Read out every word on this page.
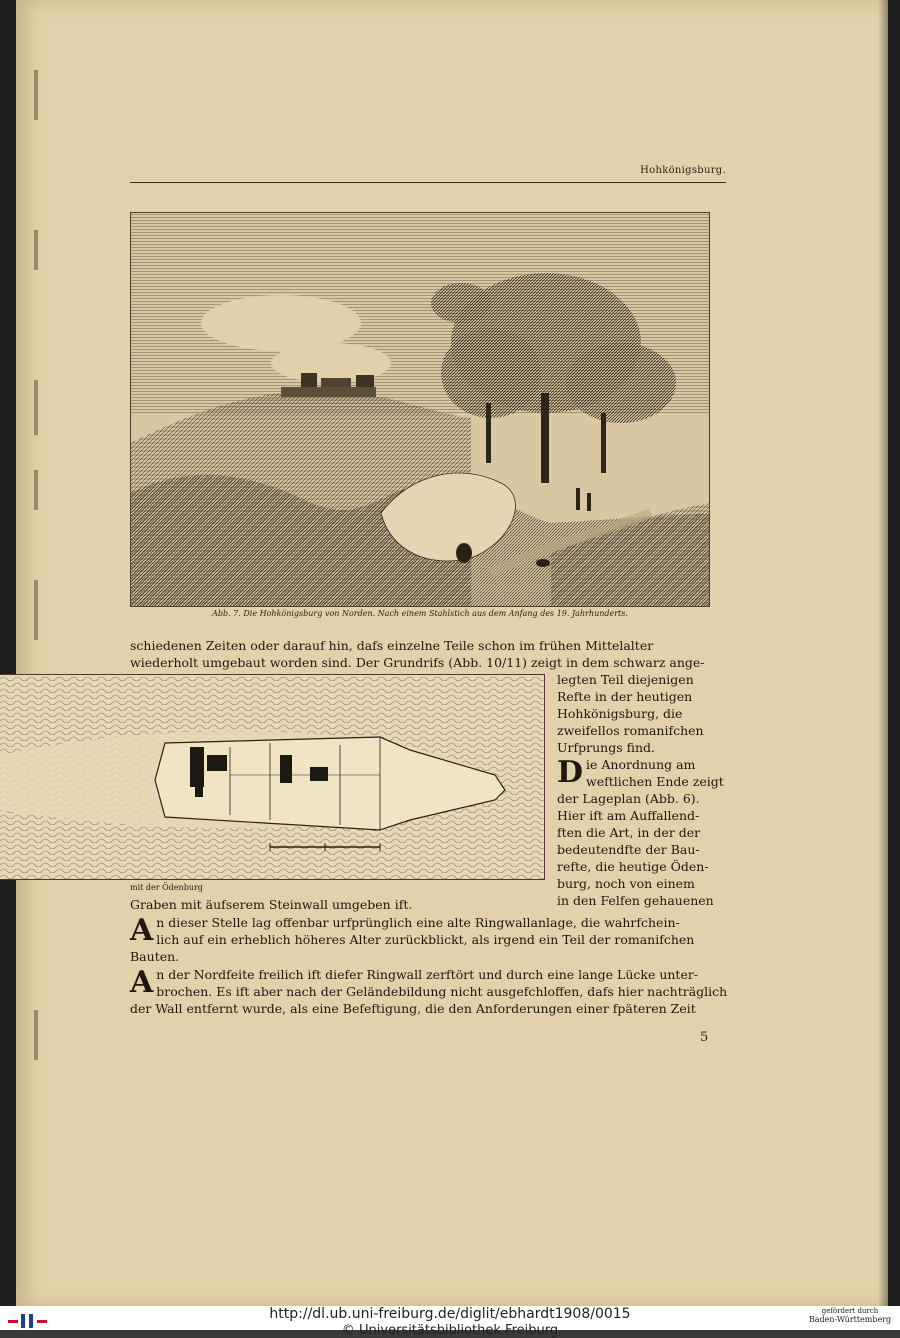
Hohkönigsburg.
Abb. 7. Die Hohkönigsburg von Norden. Nach einem Stahlstich aus dem Anfang des 19. Jahrhunderts.
schiedenen Zeiten oder darauf hin, dafs einzelne Teile schon im frühen Mittelalter
wiederholt umgebaut worden sind. Der Grundrifs (Abb. 10/11) zeigt in dem schwarz ange-
mit der Ödenburg
legten Teil diejenigen
Refte in der heutigen
Hohkönigsburg, die
zweifellos romanifchen
Urfprungs find.
D ie Anordnung am
weftlichen Ende zeigt
der Lageplan (Abb. 6).
Hier ift am Auffallend-
ften die Art, in der der
bedeutendfte der Bau-
refte, die heutige Öden-
burg, noch von einem
in den Felfen gehauenen
Graben mit äufserem Steinwall umgeben ift.
A n dieser Stelle lag offenbar urfprünglich eine alte Ringwallanlage, die wahrfchein-
lich auf ein erheblich höheres Alter zurückblickt, als irgend ein Teil der romanifchen
Bauten.
A n der Nordfeite freilich ift diefer Ringwall zerftört und durch eine lange Lücke unter-
brochen. Es ift aber nach der Geländebildung nicht ausgefchloffen, dafs hier nachträglich
der Wall entfernt wurde, als eine Befeftigung, die den Anforderungen einer fpäteren Zeit
5
http://dl.ub.uni-freiburg.de/diglit/ebhardt1908/0015
© Universitätsbibliothek Freiburg
gefördert durch
Baden-Württemberg
